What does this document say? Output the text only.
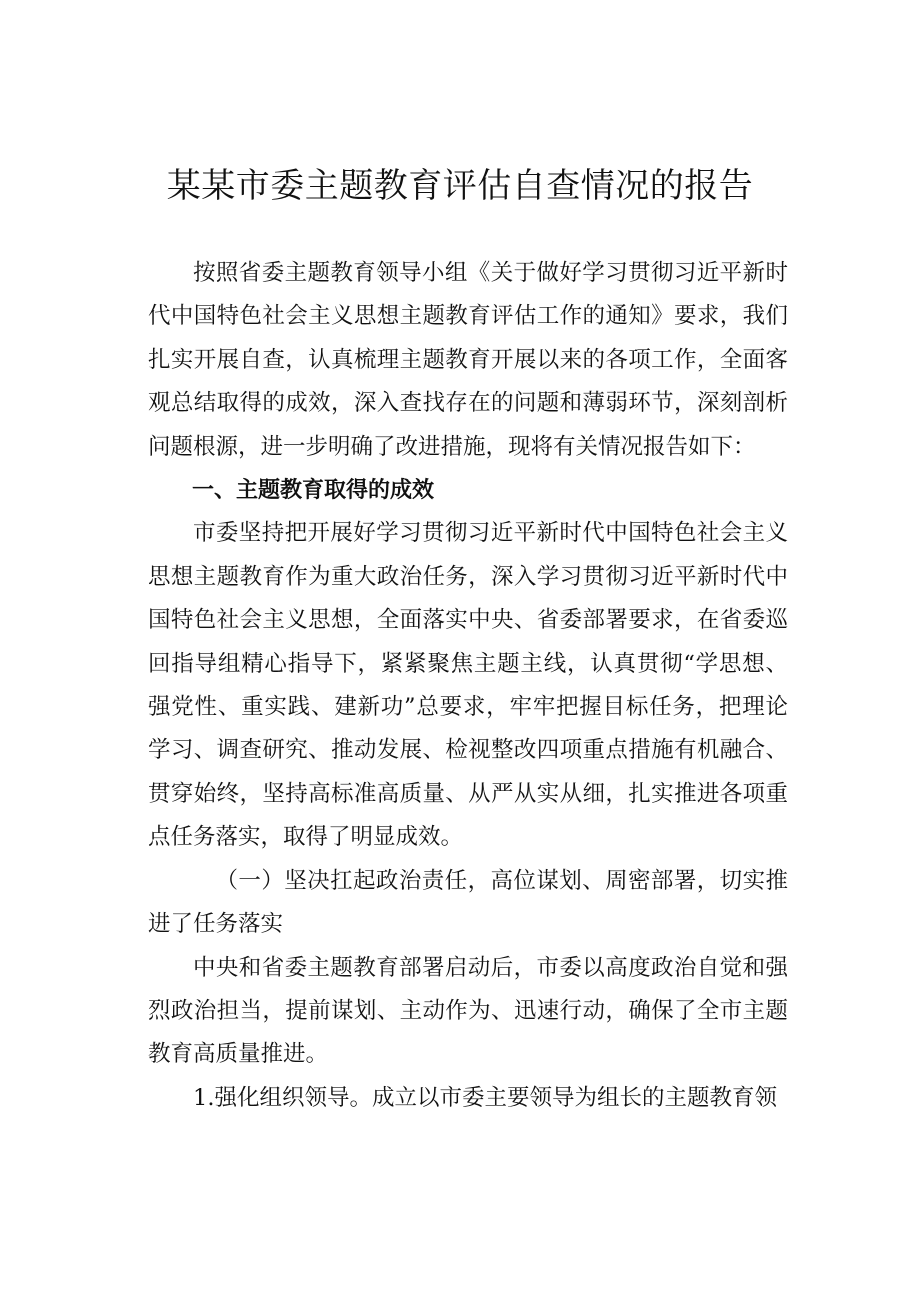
某某市委主题教育评估自查情况的报告

按照省委主题教育领导小组《关于做好学习贯彻习近平新时代中国特色社会主义思想主题教育评估工作的通知》要求，我们扎实开展自查，认真梳理主题教育开展以来的各项工作，全面客观总结取得的成效，深入查找存在的问题和薄弱环节，深刻剖析问题根源，进一步明确了改进措施，现将有关情况报告如下：

一、主题教育取得的成效

市委坚持把开展好学习贯彻习近平新时代中国特色社会主义思想主题教育作为重大政治任务，深入学习贯彻习近平新时代中国特色社会主义思想，全面落实中央、省委部署要求，在省委巡回指导组精心指导下，紧紧聚焦主题主线，认真贯彻“学思想、强党性、重实践、建新功”总要求，牢牢把握目标任务，把理论学习、调查研究、推动发展、检视整改四项重点措施有机融合、贯穿始终，坚持高标准高质量、从严从实从细，扎实推进各项重点任务落实，取得了明显成效。

（一）坚决扛起政治责任，高位谋划、周密部署，切实推进了任务落实

中央和省委主题教育部署启动后，市委以高度政治自觉和强烈政治担当，提前谋划、主动作为、迅速行动，确保了全市主题教育高质量推进。

1.强化组织领导。成立以市委主要领导为组长的主题教育领
